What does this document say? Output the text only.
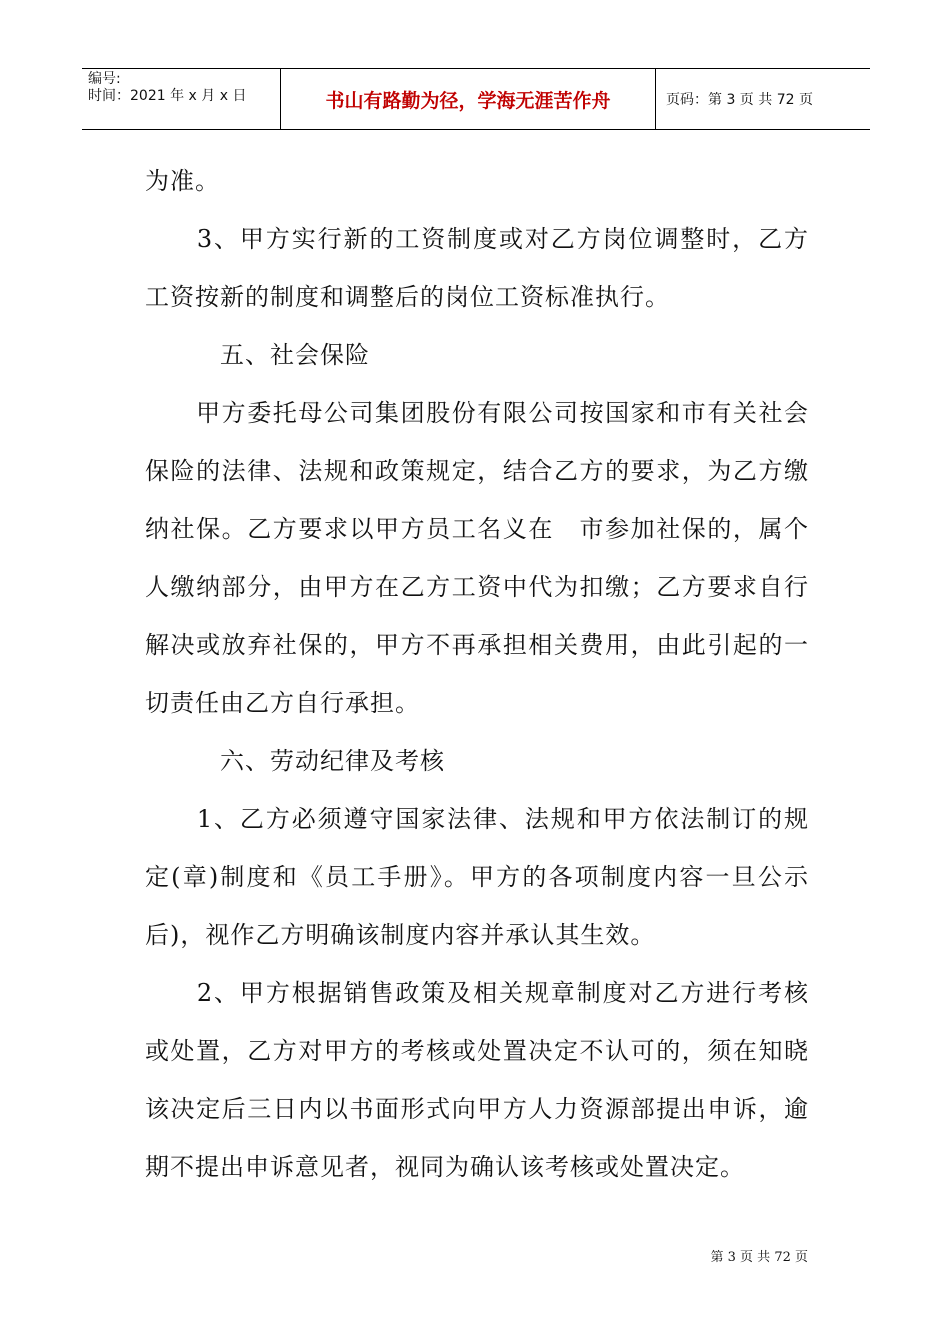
编号:
时间：2021 年 x 月 x 日	书山有路勤为径，学海无涯苦作舟	页码：第 3 页 共 72 页

为准。

　　3、甲方实行新的工资制度或对乙方岗位调整时，乙方工资按新的制度和调整后的岗位工资标准执行。

　　　五、社会保险

　　甲方委托母公司集团股份有限公司按国家和市有关社会保险的法律、法规和政策规定，结合乙方的要求，为乙方缴纳社保。乙方要求以甲方员工名义在　市参加社保的，属个人缴纳部分，由甲方在乙方工资中代为扣缴；乙方要求自行解决或放弃社保的，甲方不再承担相关费用，由此引起的一切责任由乙方自行承担。

　　　六、劳动纪律及考核

　　1、乙方必须遵守国家法律、法规和甲方依法制订的规定(章)制度和《员工手册》。甲方的各项制度内容一旦公示后)，视作乙方明确该制度内容并承认其生效。

　　2、甲方根据销售政策及相关规章制度对乙方进行考核或处置，乙方对甲方的考核或处置决定不认可的，须在知晓该决定后三日内以书面形式向甲方人力资源部提出申诉，逾期不提出申诉意见者，视同为确认该考核或处置决定。

第 3 页 共 72 页
